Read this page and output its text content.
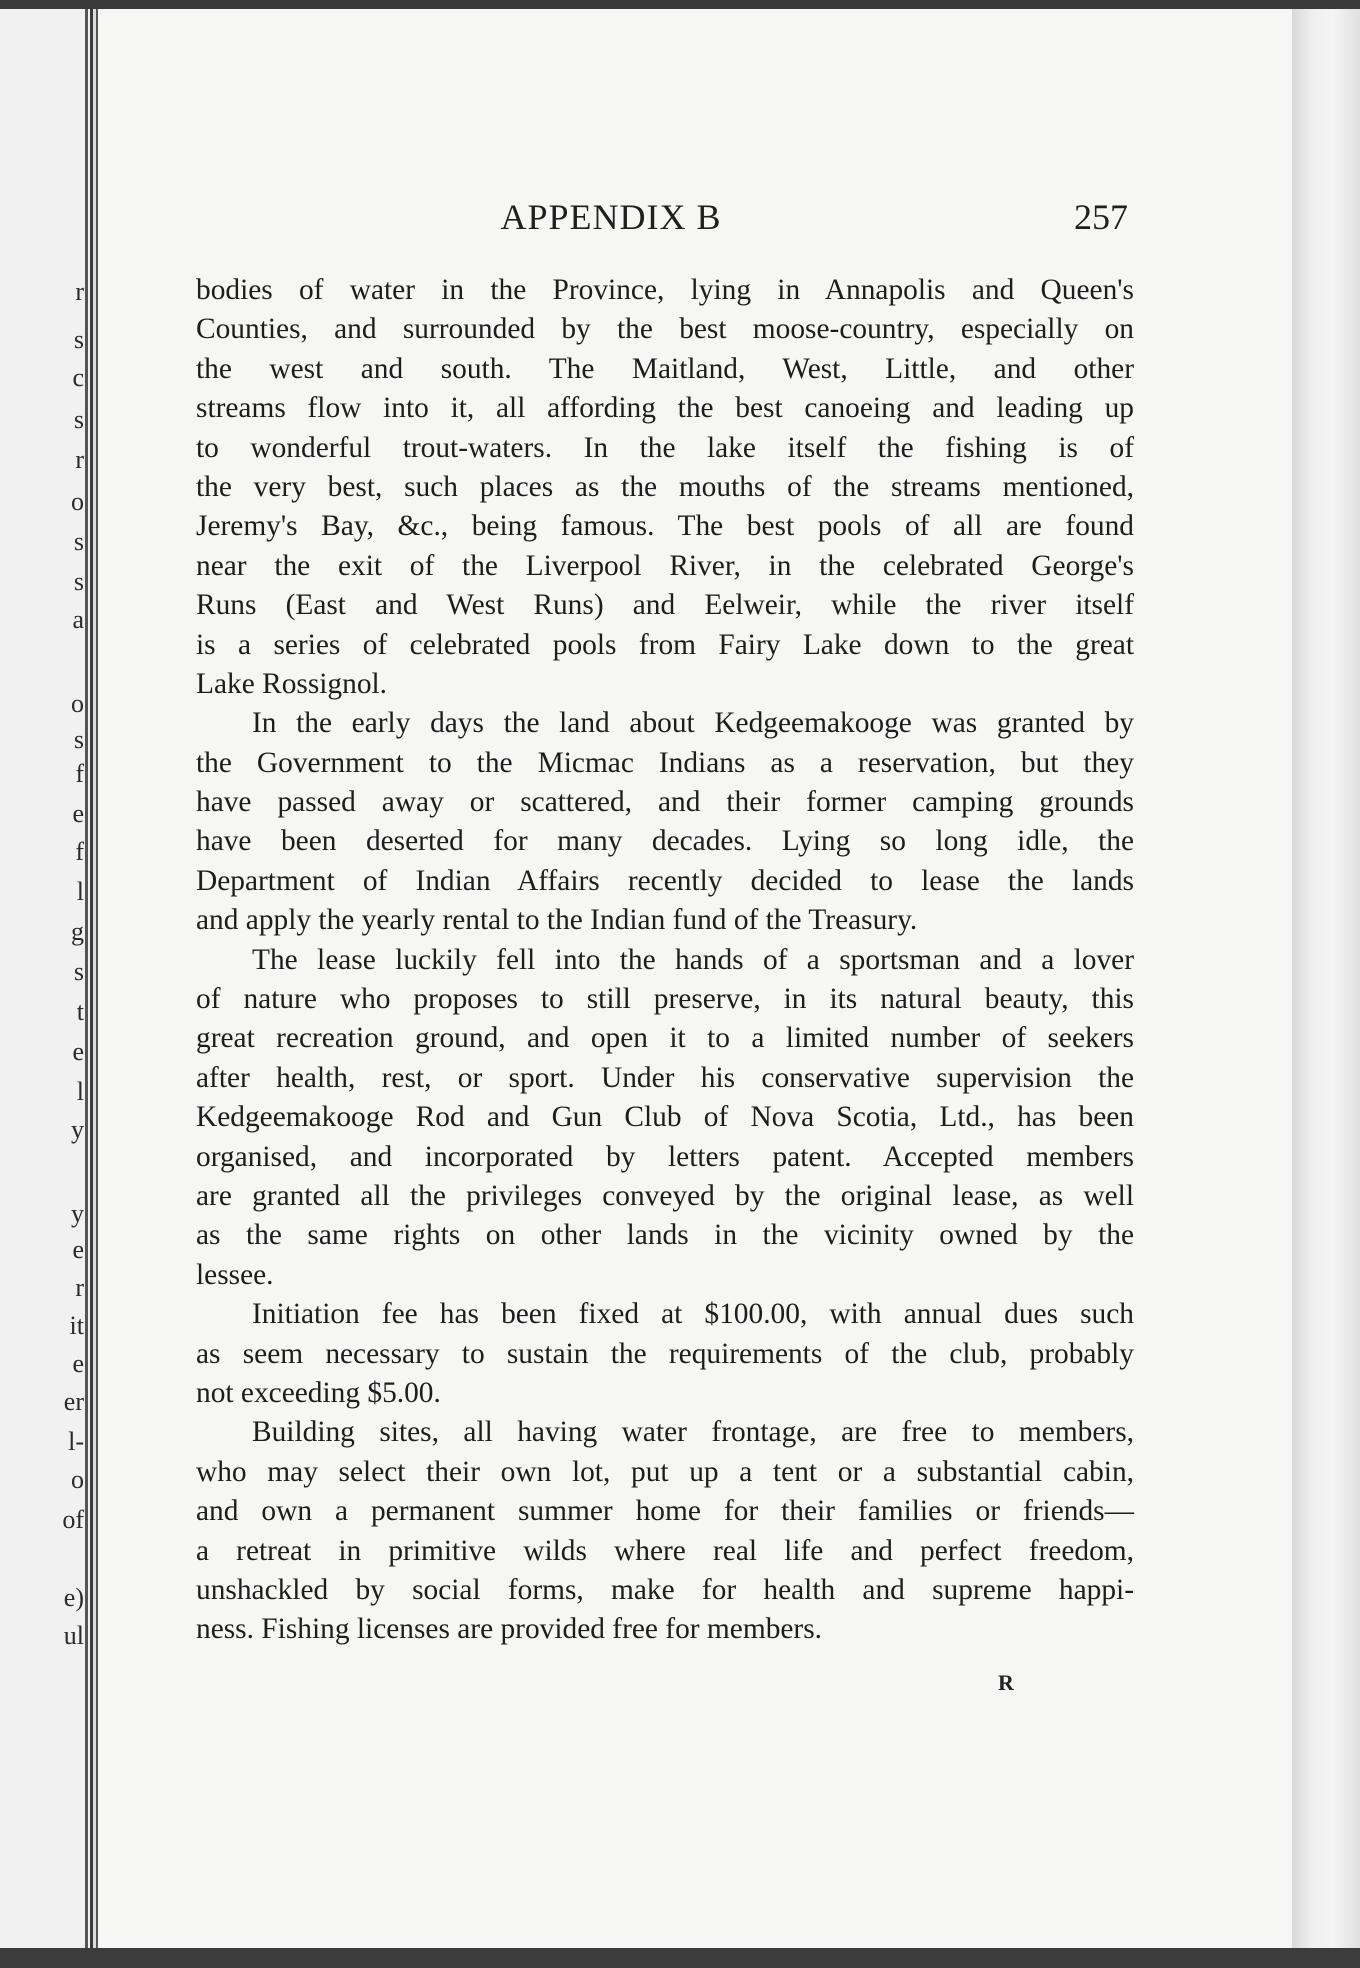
r
s
c
s
r
o
s
s
a
o
s
f
e
f
l
g
s
t
e
l
y
y
e
r
it
e
er
l-
o
of
e)
ul
APPENDIX B	257
bodies of water in the Province, lying in Annapolis and Queen's
Counties, and surrounded by the best moose-country, especially on
the west and south. The Maitland, West, Little, and other
streams flow into it, all affording the best canoeing and leading up
to wonderful trout-waters. In the lake itself the fishing is of
the very best, such places as the mouths of the streams mentioned,
Jeremy's Bay, &c., being famous. The best pools of all are found
near the exit of the Liverpool River, in the celebrated George's
Runs (East and West Runs) and Eelweir, while the river itself
is a series of celebrated pools from Fairy Lake down to the great
Lake Rossignol.
In the early days the land about Kedgeemakooge was granted by
the Government to the Micmac Indians as a reservation, but they
have passed away or scattered, and their former camping grounds
have been deserted for many decades. Lying so long idle, the
Department of Indian Affairs recently decided to lease the lands
and apply the yearly rental to the Indian fund of the Treasury.
The lease luckily fell into the hands of a sportsman and a lover
of nature who proposes to still preserve, in its natural beauty, this
great recreation ground, and open it to a limited number of seekers
after health, rest, or sport. Under his conservative supervision the
Kedgeemakooge Rod and Gun Club of Nova Scotia, Ltd., has been
organised, and incorporated by letters patent. Accepted members
are granted all the privileges conveyed by the original lease, as well
as the same rights on other lands in the vicinity owned by the
lessee.
Initiation fee has been fixed at $100.00, with annual dues such
as seem necessary to sustain the requirements of the club, probably
not exceeding $5.00.
Building sites, all having water frontage, are free to members,
who may select their own lot, put up a tent or a substantial cabin,
and own a permanent summer home for their families or friends—
a retreat in primitive wilds where real life and perfect freedom,
unshackled by social forms, make for health and supreme happi-
ness. Fishing licenses are provided free for members.
R
